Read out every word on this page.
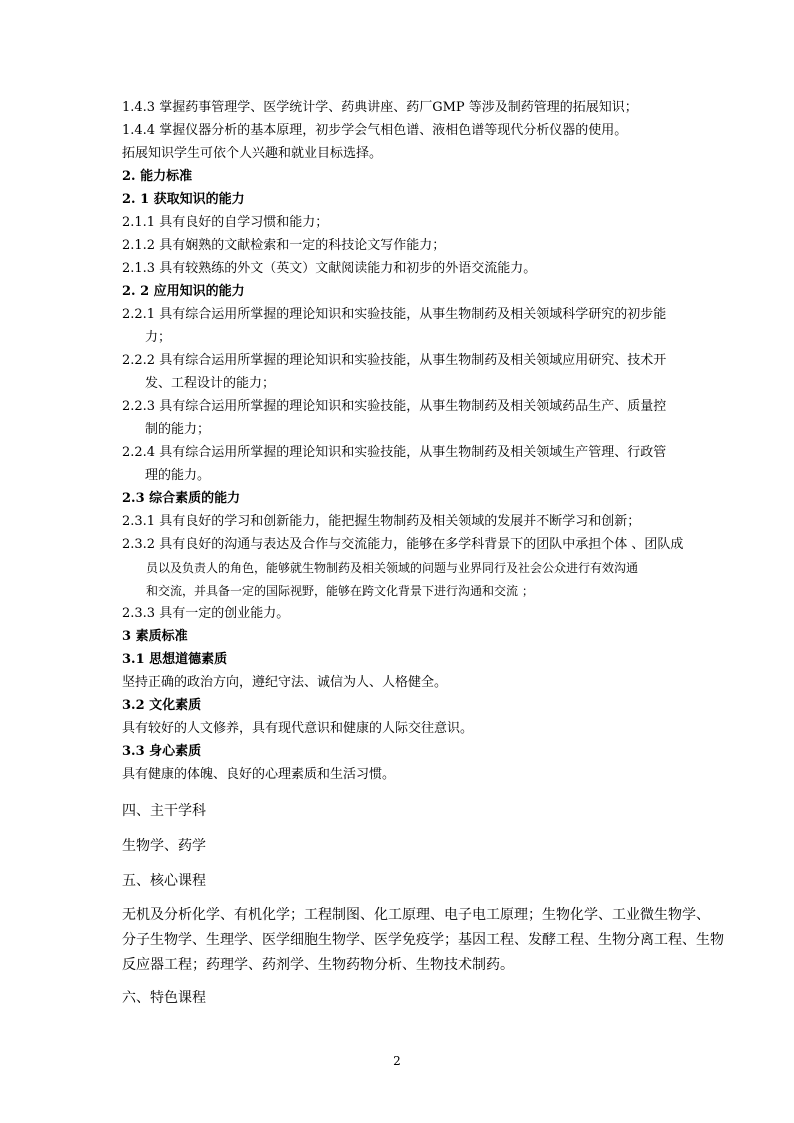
1.4.3 掌握药事管理学、医学统计学、药典讲座、药厂GMP 等涉及制药管理的拓展知识；
1.4.4 掌握仪器分析的基本原理，初步学会气相色谱、液相色谱等现代分析仪器的使用。
拓展知识学生可依个人兴趣和就业目标选择。
2. 能力标准
2. 1 获取知识的能力
2.1.1 具有良好的自学习惯和能力；
2.1.2 具有娴熟的文献检索和一定的科技论文写作能力；
2.1.3 具有较熟练的外文（英文）文献阅读能力和初步的外语交流能力。
2. 2 应用知识的能力
2.2.1 具有综合运用所掌握的理论知识和实验技能，从事生物制药及相关领域科学研究的初步能
力；
2.2.2 具有综合运用所掌握的理论知识和实验技能，从事生物制药及相关领域应用研究、技术开
发、工程设计的能力；
2.2.3 具有综合运用所掌握的理论知识和实验技能，从事生物制药及相关领域药品生产、质量控
制的能力；
2.2.4 具有综合运用所掌握的理论知识和实验技能，从事生物制药及相关领域生产管理、行政管
理的能力。
2.3 综合素质的能力
2.3.1 具有良好的学习和创新能力，能把握生物制药及相关领域的发展并不断学习和创新；
2.3.2 具有良好的沟通与表达及合作与交流能力，能够在多学科背景下的团队中承担个体 、团队成
员以及负责人的角色，能够就生物制药及相关领域的问题与业界同行及社会公众进行有效沟通
和交流，并具备一定的国际视野，能够在跨文化背景下进行沟通和交流 ；
2.3.3 具有一定的创业能力。
3 素质标准
3.1 思想道德素质
坚持正确的政治方向，遵纪守法、诚信为人、人格健全。
3.2 文化素质
具有较好的人文修养，具有现代意识和健康的人际交往意识。
3.3 身心素质
具有健康的体魄、良好的心理素质和生活习惯。
四、主干学科
生物学、药学
五、核心课程
无机及分析化学、有机化学；工程制图、化工原理、电子电工原理；生物化学、工业微生物学、
分子生物学、生理学、医学细胞生物学、医学免疫学；基因工程、发酵工程、生物分离工程、生物
反应器工程；药理学、药剂学、生物药物分析、生物技术制药。
六、特色课程
2
